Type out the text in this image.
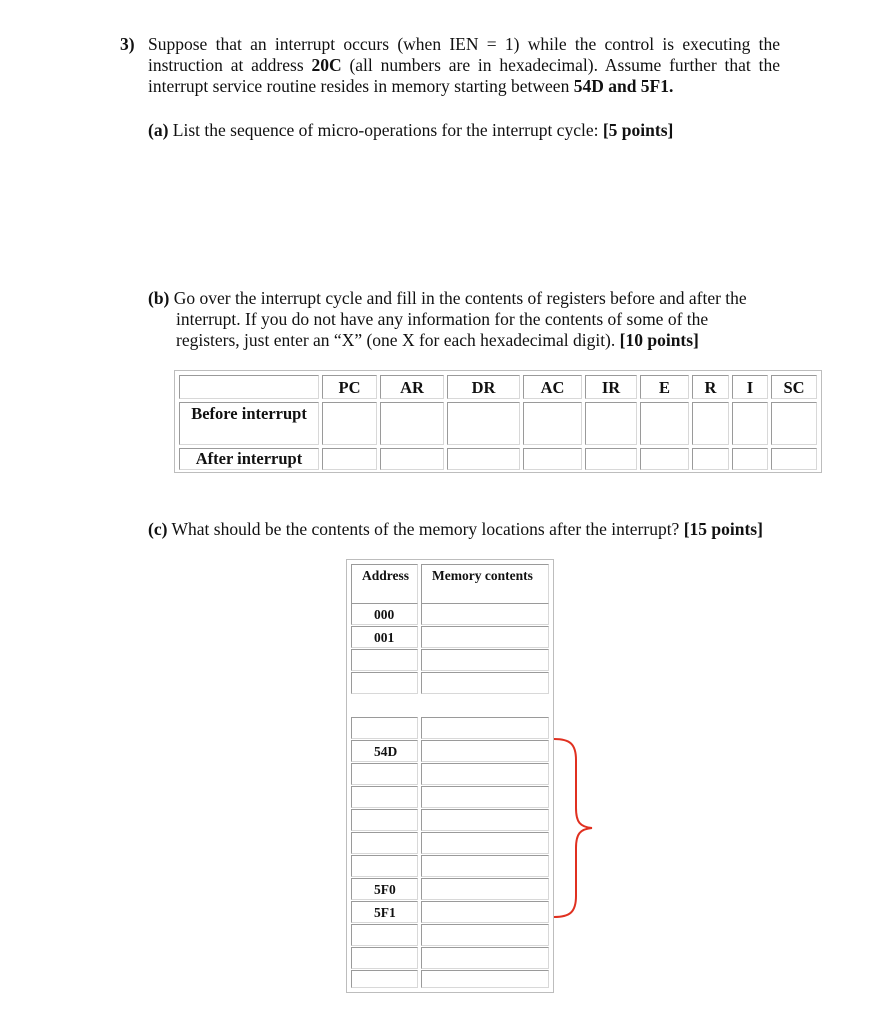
3) Suppose that an interrupt occurs (when IEN = 1) while the control is executing the instruction at address 20C (all numbers are in hexadecimal). Assume further that the interrupt service routine resides in memory starting between 54D and 5F1.
(a) List the sequence of micro-operations for the interrupt cycle: [5 points]
(b) Go over the interrupt cycle and fill in the contents of registers before and after the interrupt. If you do not have any information for the contents of some of the registers, just enter an “X” (one X for each hexadecimal digit). [10 points]
PC	AR	DR	AC	IR	E	R	I	SC
Before interrupt
After interrupt
(c) What should be the contents of the memory locations after the interrupt? [15 points]
Address	Memory contents
000
001
54D
5F0
5F1
